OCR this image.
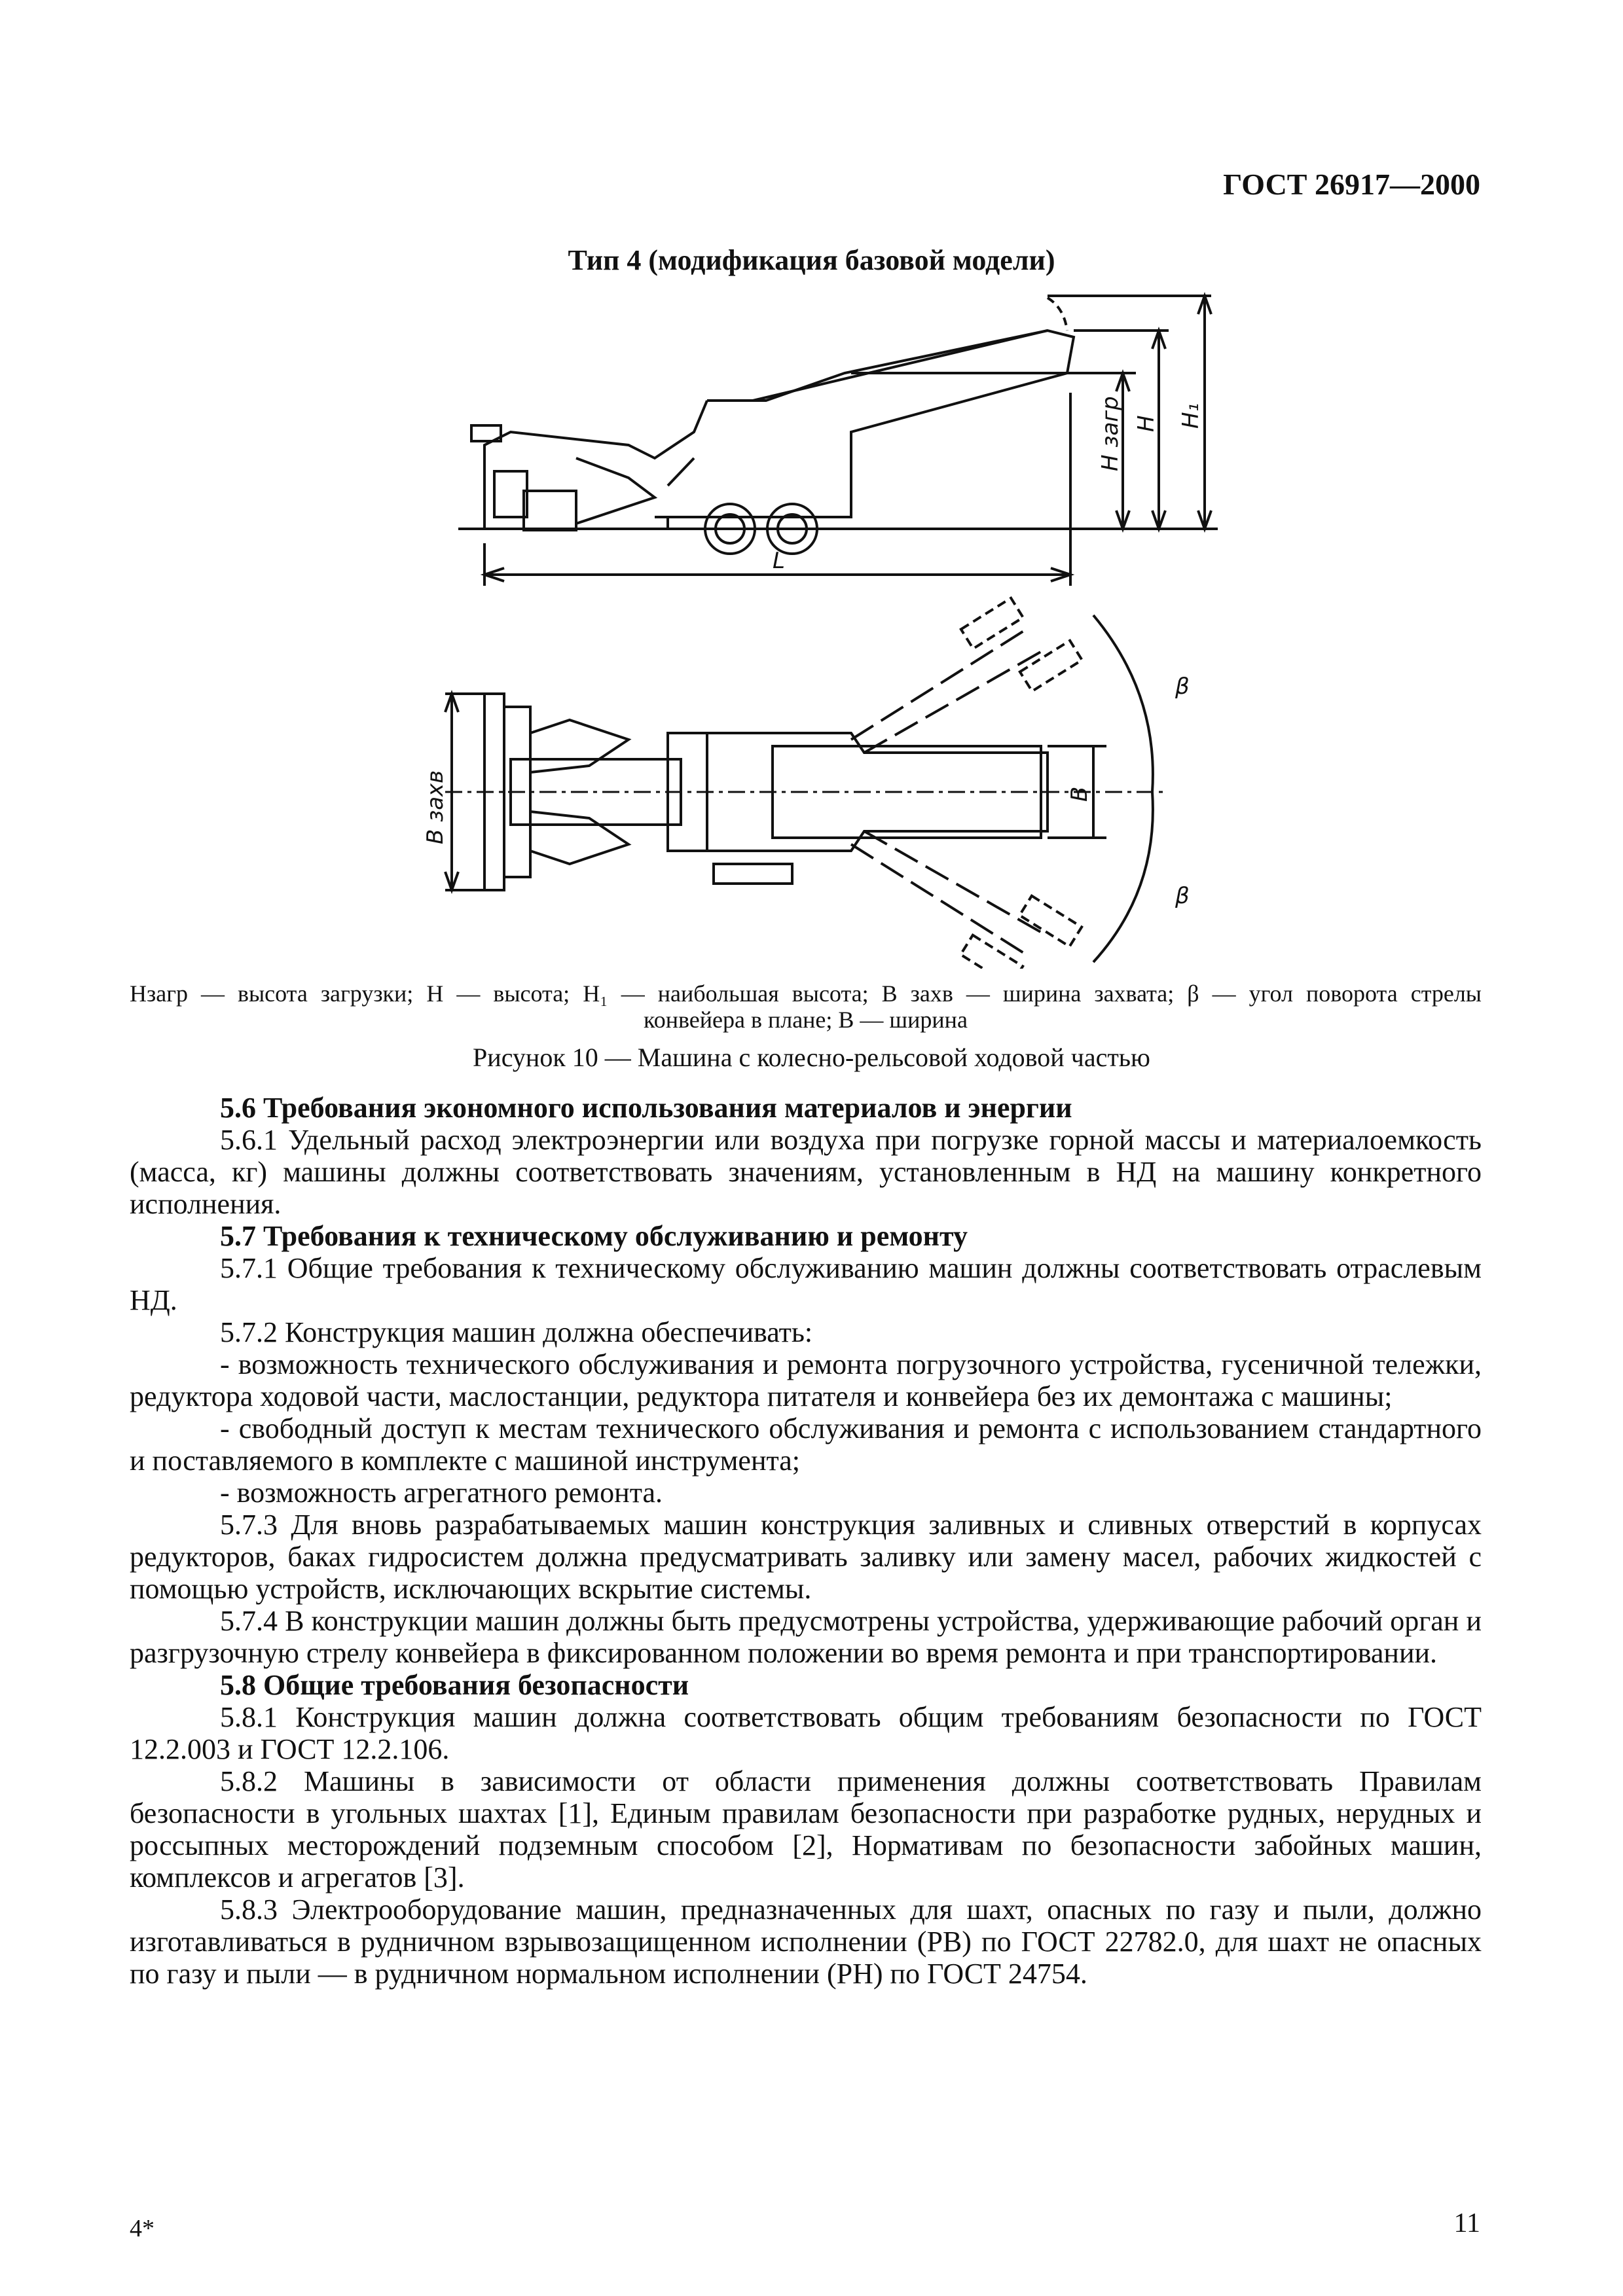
ГОСТ 26917—2000
Тип 4 (модификация базовой модели)
L
H загр H H₁
B захв	B
β
β
Hзагр — высота загрузки; H — высота; H₁ — наибольшая высота; B захв — ширина захвата; β — угол поворота стрелы
конвейера в плане; B — ширина
Рисунок 10 — Машина с колесно-рельсовой ходовой частью

5.6 Требования экономного использования материалов и энергии

5.6.1 Удельный расход электроэнергии или воздуха при погрузке горной массы и материалоемкость (масса, кг) машины должны соответствовать значениям, установленным в НД на машину конкретного исполнения.

5.7 Требования к техническому обслуживанию и ремонту

5.7.1 Общие требования к техническому обслуживанию машин должны соответствовать отраслевым НД.

5.7.2 Конструкция машин должна обеспечивать:

- возможность технического обслуживания и ремонта погрузочного устройства, гусеничной тележки, редуктора ходовой части, маслостанции, редуктора питателя и конвейера без их демонтажа с машины;

- свободный доступ к местам технического обслуживания и ремонта с использованием стандартного и поставляемого в комплекте с машиной инструмента;

- возможность агрегатного ремонта.

5.7.3 Для вновь разрабатываемых машин конструкция заливных и сливных отверстий в корпусах редукторов, баках гидросистем должна предусматривать заливку или замену масел, рабочих жидкостей с помощью устройств, исключающих вскрытие системы.

5.7.4 В конструкции машин должны быть предусмотрены устройства, удерживающие рабочий орган и разгрузочную стрелу конвейера в фиксированном положении во время ремонта и при транспортировании.

5.8 Общие требования безопасности

5.8.1 Конструкция машин должна соответствовать общим требованиям безопасности по ГОСТ 12.2.003 и ГОСТ 12.2.106.

5.8.2 Машины в зависимости от области применения должны соответствовать Правилам безопасности в угольных шахтах [1], Единым правилам безопасности при разработке рудных, нерудных и россыпных месторождений подземным способом [2], Нормативам по безопасности забойных машин, комплексов и агрегатов [3].

5.8.3 Электрооборудование машин, предназначенных для шахт, опасных по газу и пыли, должно изготавливаться в рудничном взрывозащищенном исполнении (РВ) по ГОСТ 22782.0, для шахт не опасных по газу и пыли — в рудничном нормальном исполнении (РН) по ГОСТ 24754.

4*	11
